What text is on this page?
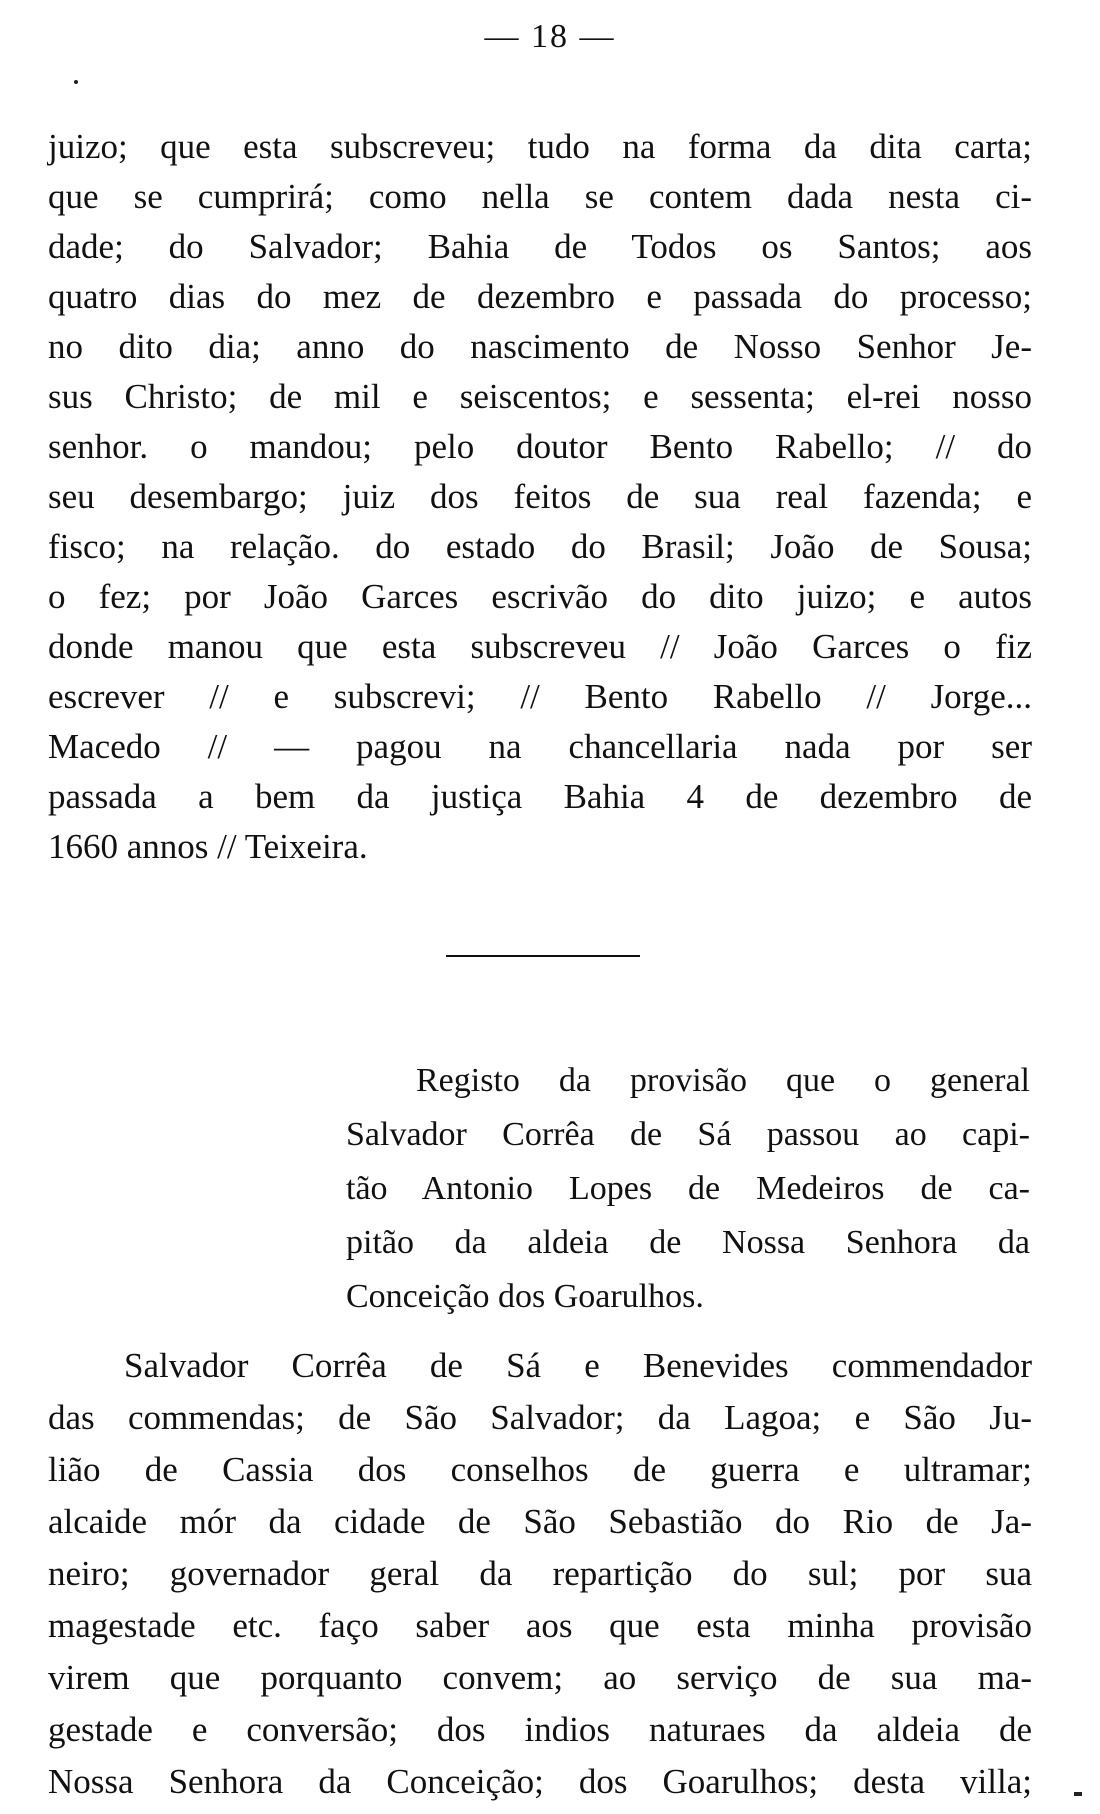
— 18 —
juizo; que esta subscreveu; tudo na forma da dita carta;
que se cumprirá; como nella se contem dada nesta ci-
dade; do Salvador; Bahia de Todos os Santos; aos
quatro dias do mez de dezembro e passada do processo;
no dito dia; anno do nascimento de Nosso Senhor Je-
sus Christo; de mil e seiscentos; e sessenta; el-rei nosso
senhor. o mandou; pelo doutor Bento Rabello; // do
seu desembargo; juiz dos feitos de sua real fazenda; e
fisco; na relação. do estado do Brasil; João de Sousa;
o fez; por João Garces escrivão do dito juizo; e autos
donde manou que esta subscreveu // João Garces o fiz
escrever // e subscrevi; // Bento Rabello // Jorge...
Macedo // — pagou na chancellaria nada por ser
passada a bem da justiça Bahia 4 de dezembro de
1660 annos // Teixeira.
Registo da provisão que o general
Salvador Corrêa de Sá passou ao capi-
tão Antonio Lopes de Medeiros de ca-
pitão da aldeia de Nossa Senhora da
Conceição dos Goarulhos.
Salvador Corrêa de Sá e Benevides commendador
das commendas; de São Salvador; da Lagoa; e São Ju-
lião de Cassia dos conselhos de guerra e ultramar;
alcaide mór da cidade de São Sebastião do Rio de Ja-
neiro; governador geral da repartição do sul; por sua
magestade etc. faço saber aos que esta minha provisão
virem que porquanto convem; ao serviço de sua ma-
gestade e conversão; dos indios naturaes da aldeia de
Nossa Senhora da Conceição; dos Goarulhos; desta villa;
